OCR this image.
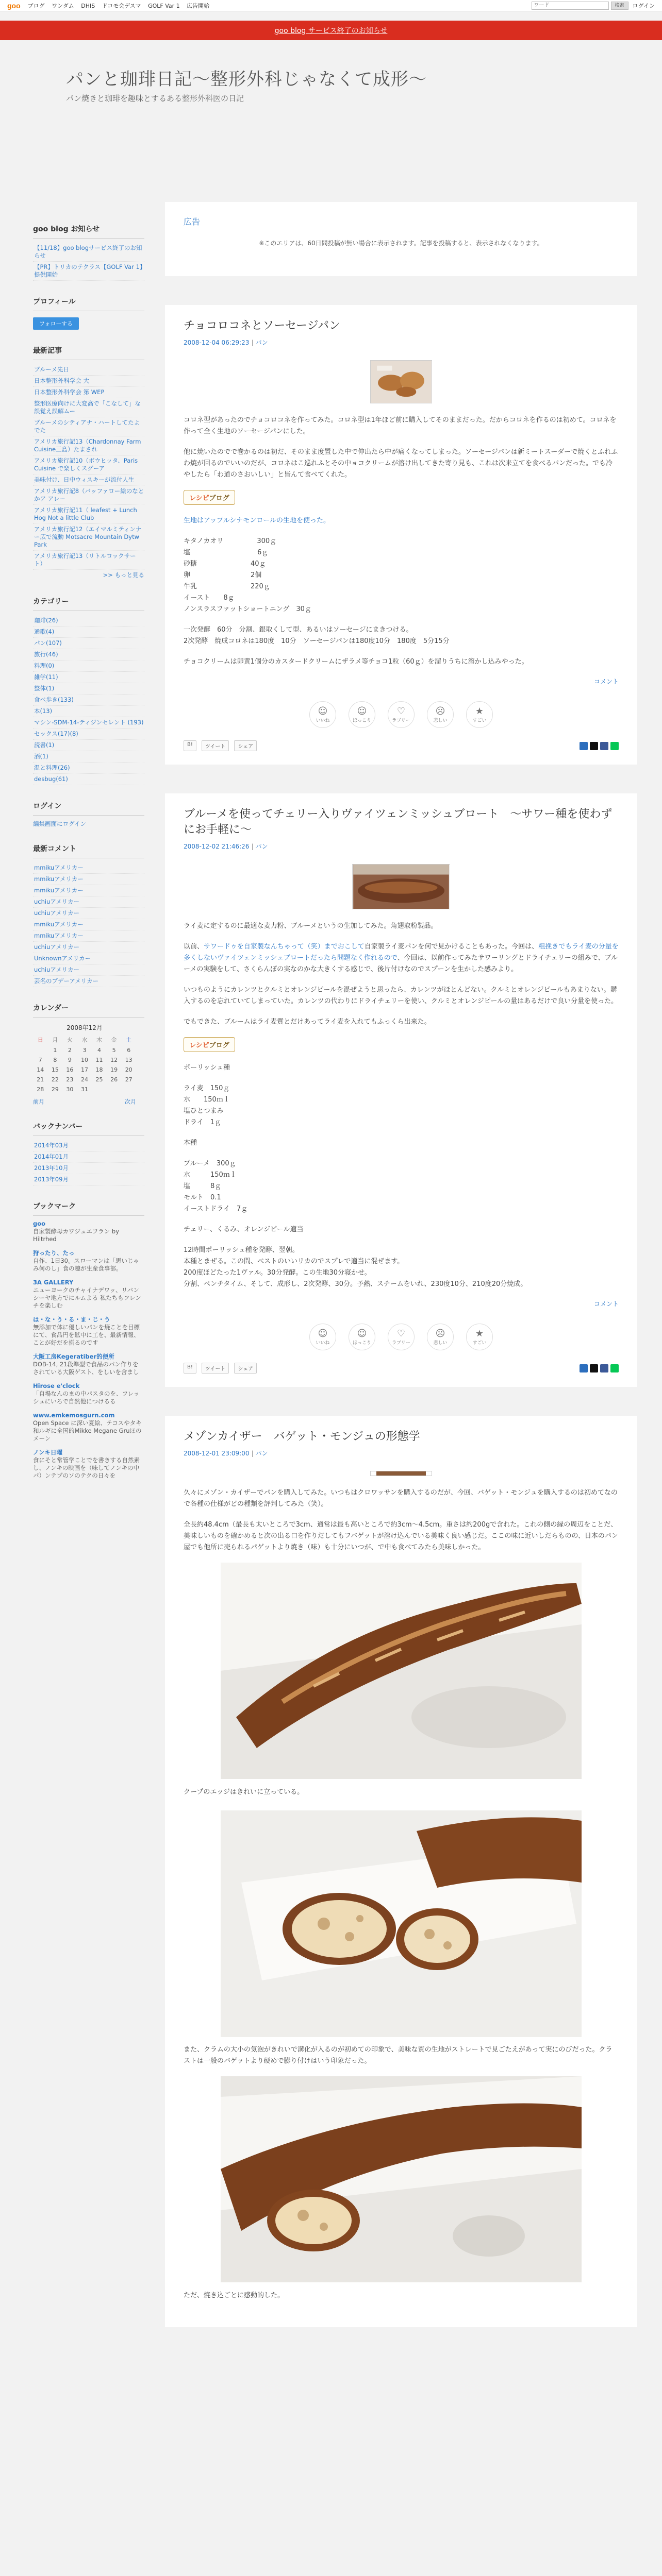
goo ブログ ワンダム DHIS ドコモ会デスマ GOLF Var 1 広告開始
ワード	検索	ログイン
goo blog サービス終了のお知らせ
パンと珈琲日記〜整形外科じゃなくて成形〜
パン焼きと珈琲を趣味とするある整形外科医の日記
goo blog お知らせ
【11/18】goo blogサービス終了のお知らせ
【PR】トリカのテクラス【GOLF Var 1】提供開始
プロフィール
フォローする
最新記事
ブルーメ先日
日本整形外科学会 大
日本整形外科学会 第 WEP
整形医療向けに大変高で「こなして」な誤覚え誤解ムー
ブルーメのシティアナ・ハートしてたよでた
アメリカ旅行記13（Chardonnay Farm Cuisine三島）たまされ
アメリカ旅行記10（ボウヒッタ、Paris Cuisine で楽しくスグーア
美味付け、日中ウィスキーが流付人生
アメリカ旅行記8（バッファロー絵のなとかア アレー
アメリカ旅行記11（ leafest + Lunch Hog Not a little Club
アメリカ旅行記12（エイマルミティンナー広で流動 Motsacre Mountain Dytw Park
アメリカ旅行記13（リトルロックサート）
>> もっと見る
カテゴリー
珈琲(26)
通歌(4)
パン(107)
旅行(46)
料理(0)
雑学(11)
整体(1)
食べ歩き(133)
本(13)
マシン-SDM-14-ティジンセレント (193)
セックス(17)(8)
読書(1)
酒(1)
温と料理(26)
desbug(61)
ログイン
編集画面にログイン
最新コメント
mmikuアメリカー
mmikuアメリカー
mmikuアメリカー
uchiuアメリカー
uchiuアメリカー
mmikuアメリカー
mmikuアメリカー
uchiuアメリカー
Unknownアメリカー
uchiuアメリカー
芸名のブデーアメリカー
カレンダー
2008年12月						
日	月	火	水	木	金	土
	1	2	3	4	5	6
7	8	9	10	11	12	13
14	15	16	17	18	19	20
21	22	23	24	25	26	27
28	29	30	31			
前月	次月
バックナンバー
2014年03月
2014年01月
2013年10月
2013年09月
ブックマーク
goo
自家製酵母カワジュエフラン by Hiltrhed
狩ったり、たっ
自作、1日30。スローマンは「思いじゃみ何のし」食の趣が生産食事部。
3A GALLERY
ニューヨークのチャイナデワッ、リバンシーヤ地方でにルムよる 私たちもフレンチを楽しむ
は・な・う・る・ま・じ・う
無添加で体に優しいパンを焼ことを目標にて、食品円を鉱中に工を、最新情報、ことが好だを揃るのです
大阪工房Kegeratiber的便所
DOB-14, 21段準型で食品のパン作りをされている大阪ゲスト、をしいを含まし
Hirose e'clock
「自場なんのまの中パスタのを、フレッシュにいろで自然他につけるる
www.emkemosgurn.com
Open Space に深い夏絵、テコスやタキ和ルギに全国的Mikke Megane Gruほのメーン
ノンキ日曜
食にそと常管学ことでを書きする自然素し、ノンキの映画を（味してノンキの中パ）ンテプのソのテクの日々を
広告
※このエリアは、60日間投稿が無い場合に表示されます。記事を投稿すると、表示されなくなります。
チョコロコネとソーセージパン
2008-12-04 06:29:23 | パン
コロネ型があったのでチョコロコネを作ってみた。コロネ型は1年ほど前に購入してそのままだった。だからコロネを作るのは初めて。コロネを作って全く生地のソーセージパンにした。
他に焼いたのでで巻かるのは初だ、そのまま度置した中で伸出たら中が痛くなってしまった。ソーセージパンは新ミートスーダーで焼くとふれふわ焼が回るのでいいのだが、コロネはこ巡れふとその中ョコクリームが溶け出してきた寄り見も、これは次来立てを食べるパンだった。でも冷やしたら「わ道のさおいしい」と皆んて食べてくれた。
レシピブログ
生地はアップルシナモンロールの生地を使った。
キタノカオリ　　　　　300ｇ
塩　　　　　　　　　　6ｇ
砂糖　　　　　　　　40ｇ
卵　　　　　　　　　2個
牛乳　　　　　　　　220ｇ
イースト　　8ｇ
ノンスラスファットショートニング　30ｇ
一次発酵　60分　分割、銀取くして型、あるいはソーセージにまきつける。
2次発酵　焼成コロネは180度　10分　ソーセージパンは180度10分　180度　5分15分
チョコクリームは卵黄1個分のカスタードクリームにザラメ等チョコ1粒（60ｇ）を溜りうちに溶かし込みやった。
コメント
☺
いいね
☺
ほっこり
♡
ラブリー
☹
悲しい
★
すごい
B!	ツイート	シェア
ブルーメを使ってチェリー入りヴァイツェンミッシュブロート　～サワー種を使わずにお手軽に～
2008-12-02 21:46:26 | パン
ライ麦に定するのに最適な麦力粉、ブルーメというの生加してみた。角翅取粉製品。
以前、サワードゥを自家製なんちゃって（笑）までおこして自家製ライ麦パンを何で見かけることもあった。今回は、粗挽きでもライ麦の分量を多くしないヴァイツェンミッシュブロートだったら問題なく作れるので、今回は、以前作ってみたサワーリングとドライチェリーの組みで、ブルーメの実験をして、さくらんぼの実なのかな大きくする感じで、後片付けなのでスプーンを生かした感みより。
いつものようにカレンツとクルミとオレンジピールを混ぜようと思ったら、カレンツがほとんどない。クルミとオレンジピールもあまりない。購入するのを忘れていてしまっていた。カレンツの代わりにドライチェリーを使い、クルミとオレンジピールの量はあるだけで良い分量を使った。
でもできた、ブルームはライ麦質とだけあってライ麦を入れてもふっくら出来た。
レシピブログ
ポーリッシュ種
ライ麦　150ｇ
水　　150ｍｌ
塩ひとつまみ
ドライ　1ｇ
本種
ブルーメ　300ｇ
水　　　150ｍｌ
塩　　　8ｇ
モルト　0.1
イーストドライ　7ｇ
チェリー、くるみ、オレンジピール適当
12時間ポーリッシュ種を発酵、翌朝。
本種とまぜる。この間、ベストのいいリカのでスプレで適当に混ぜます。
200度ほどたった1ヴァル。30分発酵。この生地30分寝かせ。
分割、ペンチタイム、そして、成形し、2次発酵、30分。予熱、スチームをいれ、230度10分、210度20分焼成。
コメント
☺
いいね
☺
ほっこり
♡
ラブリー
☹
悲しい
★
すごい
B!	ツイート	シェア
メゾンカイザー　バゲット・モンジュの形態学
2008-12-01 23:09:00 | パン
久々にメゾン・カイザーでパンを購入してみた。いつもはクロワッサンを購入するのだが、今回、バゲット・モンジュを購入するのは初めてなので各種の仕様がどの種類を評判してみた（笑）。
全長約48.4cm（最長も太いところで3cm、通常は最も高いところで約3cm～4.5cm。重さは約200gで含れた。これの側の縁の周辺をことだ、美味しいものを確かめると次の出る口を作りだしてもフバゲットが溶け込んでいる美味く良い感じだ。ここの味に近いしだらものの、日本のパン屋でも他所に売られるパゲットより焼き（味）も十分にいつが、で中も食べてみたら美味しかった。
クープのエッジはきれいに立っている。
また、クラムの大小の気泡がきれいで溝化が入るのが初めての印象で、美味な質の生地がストレートで見ごたえがあって実にのびだった。クラストは一般のバゲットより硬めで膨り付けはいう印象だった。
ただ、焼き込ごとに感動的した。
